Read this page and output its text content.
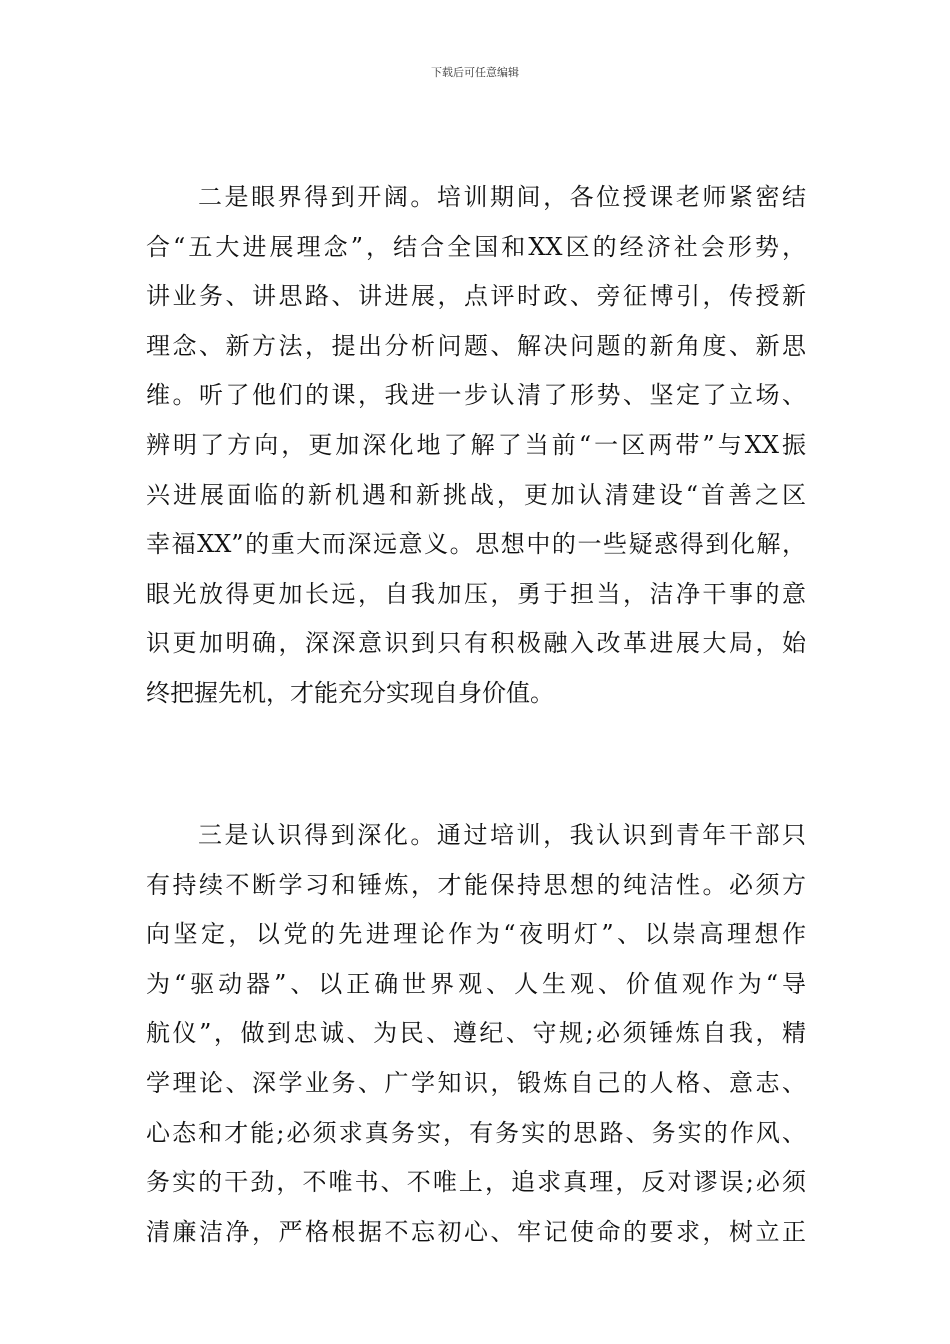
下载后可任意编辑
二是眼界得到开阔。培训期间，各位授课老师紧密结
合“五大进展理念”，结合全国和XX区的经济社会形势，
讲业务、讲思路、讲进展，点评时政、旁征博引，传授新
理念、新方法，提出分析问题、解决问题的新角度、新思
维。听了他们的课，我进一步认清了形势、坚定了立场、
辨明了方向，更加深化地了解了当前“一区两带”与XX振
兴进展面临的新机遇和新挑战，更加认清建设“首善之区
幸福XX”的重大而深远意义。思想中的一些疑惑得到化解，
眼光放得更加长远，自我加压，勇于担当，洁净干事的意
识更加明确，深深意识到只有积极融入改革进展大局，始
终把握先机，才能充分实现自身价值。
三是认识得到深化。通过培训，我认识到青年干部只
有持续不断学习和锤炼，才能保持思想的纯洁性。必须方
向坚定，以党的先进理论作为“夜明灯”、以崇高理想作
为“驱动器”、以正确世界观、人生观、价值观作为“导
航仪”，做到忠诚、为民、遵纪、守规;必须锤炼自我，精
学理论、深学业务、广学知识，锻炼自己的人格、意志、
心态和才能;必须求真务实，有务实的思路、务实的作风、
务实的干劲，不唯书、不唯上，追求真理，反对谬误;必须
清廉洁净，严格根据不忘初心、牢记使命的要求，树立正
